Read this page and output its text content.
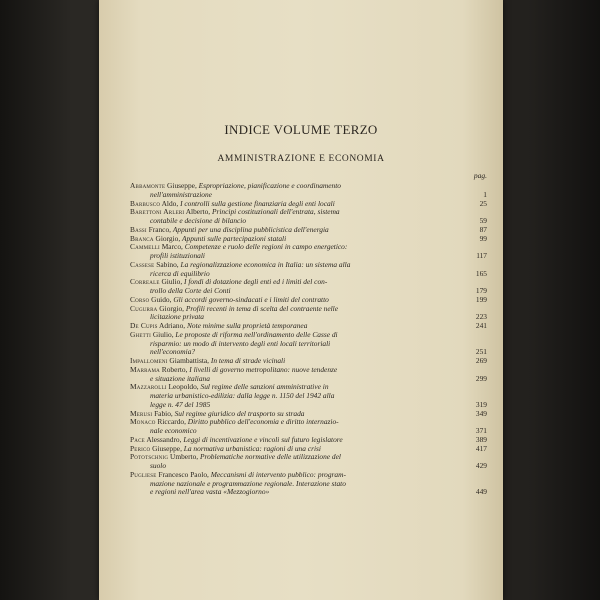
INDICE VOLUME TERZO
AMMINISTRAZIONE E ECONOMIA
pag.
Abbamonte Giuseppe, Espropriazione, pianificazione e coordinamento
nell'amministrazione	1
Barbusco Aldo, I controlli sulla gestione finanziaria degli enti locali	25
Barettoni Arleri Alberto, Principi costituzionali dell'entrata, sistema
contabile e decisione di bilancio	59
Bassi Franco, Appunti per una disciplina pubblicistica dell'energia	87
Branca Giorgio, Appunti sulle partecipazioni statali	99
Cammelli Marco, Competenze e ruolo delle regioni in campo energetico:
profili istituzionali	117
Cassese Sabino, La regionalizzazione economica in Italia: un sistema alla
ricerca di equilibrio	165
Correale Giulio, I fondi di dotazione degli enti ed i limiti del con-
trollo della Corte dei Conti	179
Corso Guido, Gli accordi governo-sindacati e i limiti del contratto	199
Cugurra Giorgio, Profili recenti in tema di scelta del contraente nelle
licitazione privata	223
De Cupis Adriano, Note minime sulla proprietà temporanea	241
Ghetti Giulio, Le proposte di riforma nell'ordinamento delle Casse di
risparmio: un modo di intervento degli enti locali territoriali
nell'economia?	251
Impallomeni Giambattista, In tema di strade vicinali	269
Marrama Roberto, I livelli di governo metropolitano: nuove tendenze
e situazione italiana	299
Mazzarolli Leopoldo, Sul regime delle sanzioni amministrative in
materia urbanistico-edilizia: dalla legge n. 1150 del 1942 alla
legge n. 47 del 1985	319
Merusi Fabio, Sul regime giuridico del trasporto su strada	349
Monaco Riccardo, Diritto pubblico dell'economia e diritto internazio-
nale economico	371
Pace Alessandro, Leggi di incentivazione e vincoli sul futuro legislatore	389
Perico Giuseppe, La normativa urbanistica: ragioni di una crisi	417
Pototschnig Umberto, Problematiche normative delle utilizzazione del
suolo	429
Pugliese Francesco Paolo, Meccanismi di intervento pubblico: program-
mazione nazionale e programmazione regionale. Interazione stato
e regioni nell'area vasta «Mezzogiorno»	449
